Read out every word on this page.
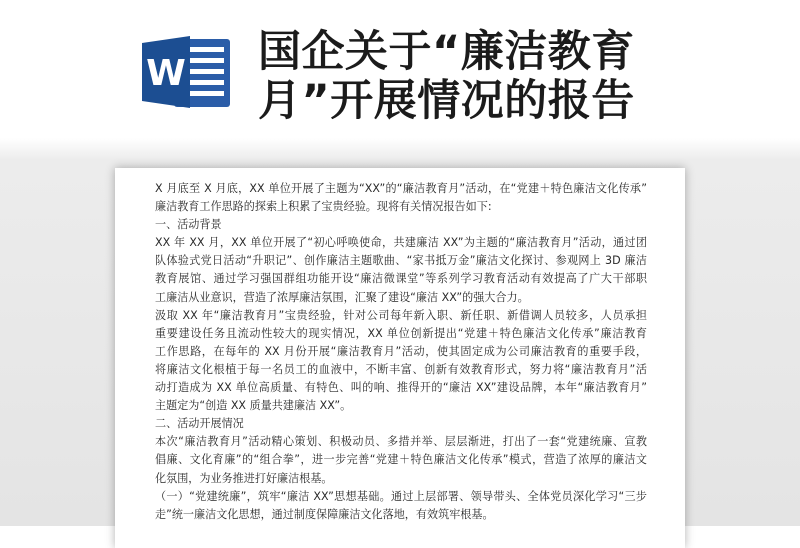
W 国企关于“廉洁教育
月”开展情况的报告
X 月底至 X 月底，XX 单位开展了主题为“XX”的“廉洁教育月”活动，在“党建＋特色廉洁文化传承”
廉洁教育工作思路的探索上积累了宝贵经验。现将有关情况报告如下:
一、活动背景
XX 年 XX 月，XX 单位开展了“初心呼唤使命，共建廉洁 XX”为主题的“廉洁教育月”活动，通过团
队体验式党日活动“升职记”、创作廉洁主题歌曲、“家书抵万金”廉洁文化探讨、参观网上 3D 廉洁
教育展馆、通过学习强国群组功能开设“廉洁微课堂”等系列学习教育活动有效提高了广大干部职
工廉洁从业意识，营造了浓厚廉洁氛围，汇聚了建设“廉洁 XX”的强大合力。
汲取 XX 年“廉洁教育月”宝贵经验，针对公司每年新入职、新任职、新借调人员较多，人员承担
重要建设任务且流动性较大的现实情况，XX 单位创新提出“党建＋特色廉洁文化传承”廉洁教育
工作思路，在每年的 XX 月份开展“廉洁教育月”活动，使其固定成为公司廉洁教育的重要手段，
将廉洁文化根植于每一名员工的血液中，不断丰富、创新有效教育形式，努力将“廉洁教育月”活
动打造成为 XX 单位高质量、有特色、叫的响、推得开的“廉洁 XX”建设品牌，本年“廉洁教育月”
主题定为“创造 XX 质量共建廉洁 XX”。
二、活动开展情况
本次“廉洁教育月”活动精心策划、积极动员、多措并举、层层渐进，打出了一套“党建统廉、宣教
倡廉、文化育廉”的“组合拳”，进一步完善“党建＋特色廉洁文化传承”模式，营造了浓厚的廉洁文
化氛围，为业务推进打好廉洁根基。
（一）“党建统廉”，筑牢“廉洁 XX”思想基础。通过上层部署、领导带头、全体党员深化学习“三步
走”统一廉洁文化思想，通过制度保障廉洁文化落地，有效筑牢根基。
